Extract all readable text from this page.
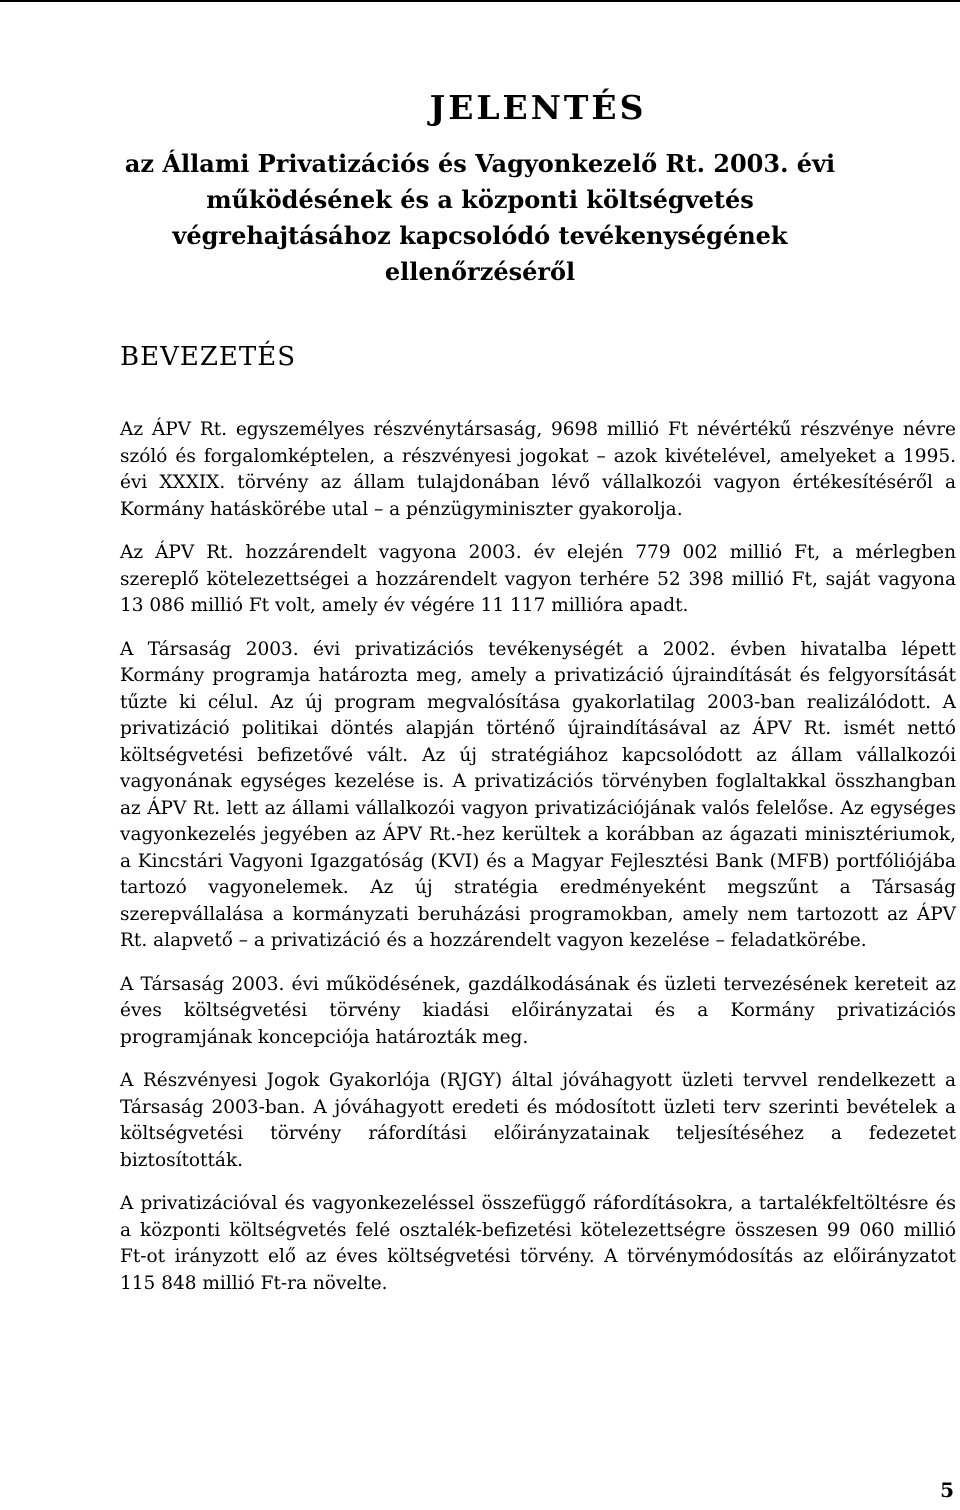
JELENTÉS
az Állami Privatizációs és Vagyonkezelő Rt. 2003. évi működésének és a központi költségvetés végrehajtásához kapcsolódó tevékenységének ellenőrzéséről
BEVEZETÉS

Az ÁPV Rt. egyszemélyes részvénytársaság, 9698 millió Ft névértékű részvénye névre szóló és forgalomképtelen, a részvényesi jogokat – azok kivételével, amelyeket a 1995. évi XXXIX. törvény az állam tulajdonában lévő vállalkozói vagyon értékesítéséről a Kormány hatáskörébe utal – a pénzügyminiszter gyakorolja.

Az ÁPV Rt. hozzárendelt vagyona 2003. év elején 779 002 millió Ft, a mérlegben szereplő kötelezettségei a hozzárendelt vagyon terhére 52 398 millió Ft, saját vagyona 13 086 millió Ft volt, amely év végére 11 117 millióra apadt.

A Társaság 2003. évi privatizációs tevékenységét a 2002. évben hivatalba lépett Kormány programja határozta meg, amely a privatizáció újraindítását és felgyorsítását tűzte ki célul. Az új program megvalósítása gyakorlatilag 2003-ban realizálódott. A privatizáció politikai döntés alapján történő újraindításával az ÁPV Rt. ismét nettó költségvetési befizetővé vált. Az új stratégiához kapcsolódott az állam vállalkozói vagyonának egységes kezelése is. A privatizációs törvényben foglaltakkal összhangban az ÁPV Rt. lett az állami vállalkozói vagyon privatizációjának valós felelőse. Az egységes vagyonkezelés jegyében az ÁPV Rt.-hez kerültek a korábban az ágazati minisztériumok, a Kincstári Vagyoni Igazgatóság (KVI) és a Magyar Fejlesztési Bank (MFB) portfóliójába tartozó vagyonelemek. Az új stratégia eredményeként megszűnt a Társaság szerepvállalása a kormányzati beruházási programokban, amely nem tartozott az ÁPV Rt. alapvető – a privatizáció és a hozzárendelt vagyon kezelése – feladatkörébe.

A Társaság 2003. évi működésének, gazdálkodásának és üzleti tervezésének kereteit az éves költségvetési törvény kiadási előirányzatai és a Kormány privatizációs programjának koncepciója határozták meg.

A Részvényesi Jogok Gyakorlója (RJGY) által jóváhagyott üzleti tervvel rendelkezett a Társaság 2003-ban. A jóváhagyott eredeti és módosított üzleti terv szerinti bevételek a költségvetési törvény ráfordítási előirányzatainak teljesítéséhez a fedezetet biztosították.

A privatizációval és vagyonkezeléssel összefüggő ráfordításokra, a tartalékfeltöltésre és a központi költségvetés felé osztalék-befizetési kötelezettségre összesen 99 060 millió Ft-ot irányzott elő az éves költségvetési törvény. A törvénymódosítás az előirányzatot 115 848 millió Ft-ra növelte.

5
